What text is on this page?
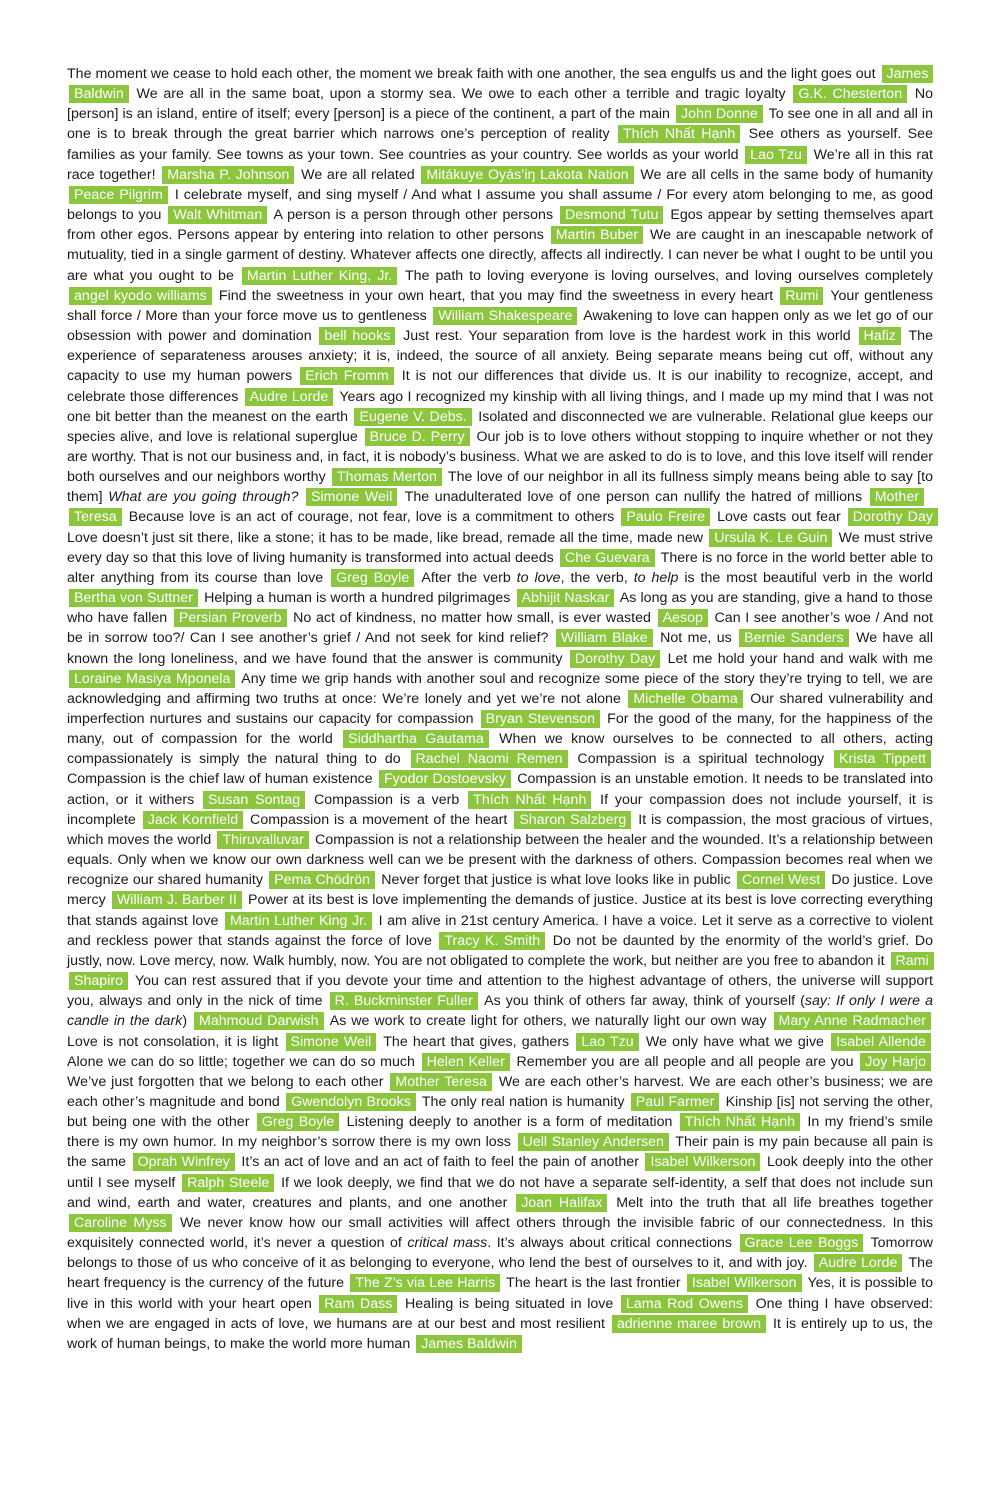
The moment we cease to hold each other, the moment we break faith with one another, the sea engulfs us and the light goes out James Baldwin We are all in the same boat, upon a stormy sea. We owe to each other a terrible and tragic loyalty G.K. Chesterton No [person] is an island, entire of itself; every [person] is a piece of the continent, a part of the main John Donne To see one in all and all in one is to break through the great barrier which narrows one’s perception of reality Thích Nhất Hạnh See others as yourself. See families as your family. See towns as your town. See countries as your country. See worlds as your world Lao Tzu We’re all in this rat race together! Marsha P. Johnson We are all related Mitákuye Oyás’iŋ Lakota Nation We are all cells in the same body of humanity Peace Pilgrim I celebrate myself, and sing myself / And what I assume you shall assume / For every atom belonging to me, as good belongs to you Walt Whitman A person is a person through other persons Desmond Tutu Egos appear by setting themselves apart from other egos. Persons appear by entering into relation to other persons Martin Buber We are caught in an inescapable network of mutuality, tied in a single garment of destiny. Whatever affects one directly, affects all indirectly. I can never be what I ought to be until you are what you ought to be Martin Luther King, Jr. The path to loving everyone is loving ourselves, and loving ourselves completely angel kyodo williams Find the sweetness in your own heart, that you may find the sweetness in every heart Rumi Your gentleness shall force / More than your force move us to gentleness William Shakespeare Awakening to love can happen only as we let go of our obsession with power and domination bell hooks Just rest. Your separation from love is the hardest work in this world Hafiz The experience of separateness arouses anxiety; it is, indeed, the source of all anxiety. Being separate means being cut off, without any capacity to use my human powers Erich Fromm It is not our differences that divide us. It is our inability to recognize, accept, and celebrate those differences Audre Lorde Years ago I recognized my kinship with all living things, and I made up my mind that I was not one bit better than the meanest on the earth Eugene V. Debs. Isolated and disconnected we are vulnerable. Relational glue keeps our species alive, and love is relational superglue Bruce D. Perry Our job is to love others without stopping to inquire whether or not they are worthy. That is not our business and, in fact, it is nobody’s business. What we are asked to do is to love, and this love itself will render both ourselves and our neighbors worthy Thomas Merton The love of our neighbor in all its fullness simply means being able to say [to them] What are you going through? Simone Weil The unadulterated love of one person can nullify the hatred of millions Mother Teresa Because love is an act of courage, not fear, love is a commitment to others Paulo Freire Love casts out fear Dorothy Day Love doesn’t just sit there, like a stone; it has to be made, like bread, remade all the time, made new Ursula K. Le Guin We must strive every day so that this love of living humanity is transformed into actual deeds Che Guevara There is no force in the world better able to alter anything from its course than love Greg Boyle After the verb to love, the verb, to help is the most beautiful verb in the world Bertha von Suttner Helping a human is worth a hundred pilgrimages Abhijit Naskar As long as you are standing, give a hand to those who have fallen Persian Proverb No act of kindness, no matter how small, is ever wasted Aesop Can I see another’s woe / And not be in sorrow too?/ Can I see another’s grief / And not seek for kind relief? William Blake Not me, us Bernie Sanders We have all known the long loneliness, and we have found that the answer is community Dorothy Day Let me hold your hand and walk with me Loraine Masiya Mponela Any time we grip hands with another soul and recognize some piece of the story they’re trying to tell, we are acknowledging and affirming two truths at once: We’re lonely and yet we’re not alone Michelle Obama Our shared vulnerability and imperfection nurtures and sustains our capacity for compassion Bryan Stevenson For the good of the many, for the happiness of the many, out of compassion for the world Siddhartha Gautama When we know ourselves to be connected to all others, acting compassionately is simply the natural thing to do Rachel Naomi Remen Compassion is a spiritual technology Krista Tippett Compassion is the chief law of human existence Fyodor Dostoevsky Compassion is an unstable emotion. It needs to be translated into action, or it withers Susan Sontag Compassion is a verb Thích Nhất Hạnh If your compassion does not include yourself, it is incomplete Jack Kornfield Compassion is a movement of the heart Sharon Salzberg It is compassion, the most gracious of virtues, which moves the world Thiruvalluvar Compassion is not a relationship between the healer and the wounded. It’s a relationship between equals. Only when we know our own darkness well can we be present with the darkness of others. Compassion becomes real when we recognize our shared humanity Pema Chödrön Never forget that justice is what love looks like in public Cornel West Do justice. Love mercy William J. Barber II Power at its best is love implementing the demands of justice. Justice at its best is love correcting everything that stands against love Martin Luther King Jr. I am alive in 21st century America. I have a voice. Let it serve as a corrective to violent and reckless power that stands against the force of love Tracy K. Smith Do not be daunted by the enormity of the world’s grief. Do justly, now. Love mercy, now. Walk humbly, now. You are not obligated to complete the work, but neither are you free to abandon it Rami Shapiro You can rest assured that if you devote your time and attention to the highest advantage of others, the universe will support you, always and only in the nick of time R. Buckminster Fuller As you think of others far away, think of yourself (say: If only I were a candle in the dark) Mahmoud Darwish As we work to create light for others, we naturally light our own way Mary Anne Radmacher Love is not consolation, it is light Simone Weil The heart that gives, gathers Lao Tzu We only have what we give Isabel Allende Alone we can do so little; together we can do so much Helen Keller Remember you are all people and all people are you Joy Harjo We’ve just forgotten that we belong to each other Mother Teresa We are each other’s harvest. We are each other’s business; we are each other’s magnitude and bond Gwendolyn Brooks The only real nation is humanity Paul Farmer Kinship [is] not serving the other, but being one with the other Greg Boyle Listening deeply to another is a form of meditation Thích Nhất Hạnh In my friend’s smile there is my own humor. In my neighbor’s sorrow there is my own loss Uell Stanley Andersen Their pain is my pain because all pain is the same Oprah Winfrey It’s an act of love and an act of faith to feel the pain of another Isabel Wilkerson Look deeply into the other until I see myself Ralph Steele If we look deeply, we find that we do not have a separate self-identity, a self that does not include sun and wind, earth and water, creatures and plants, and one another Joan Halifax Melt into the truth that all life breathes together Caroline Myss We never know how our small activities will affect others through the invisible fabric of our connectedness. In this exquisitely connected world, it’s never a question of critical mass. It’s always about critical connections Grace Lee Boggs Tomorrow belongs to those of us who conceive of it as belonging to everyone, who lend the best of ourselves to it, and with joy. Audre Lorde The heart frequency is the currency of the future The Z’s via Lee Harris The heart is the last frontier Isabel Wilkerson Yes, it is possible to live in this world with your heart open Ram Dass Healing is being situated in love Lama Rod Owens One thing I have observed: when we are engaged in acts of love, we humans are at our best and most resilient adrienne maree brown It is entirely up to us, the work of human beings, to make the world more human James Baldwin
